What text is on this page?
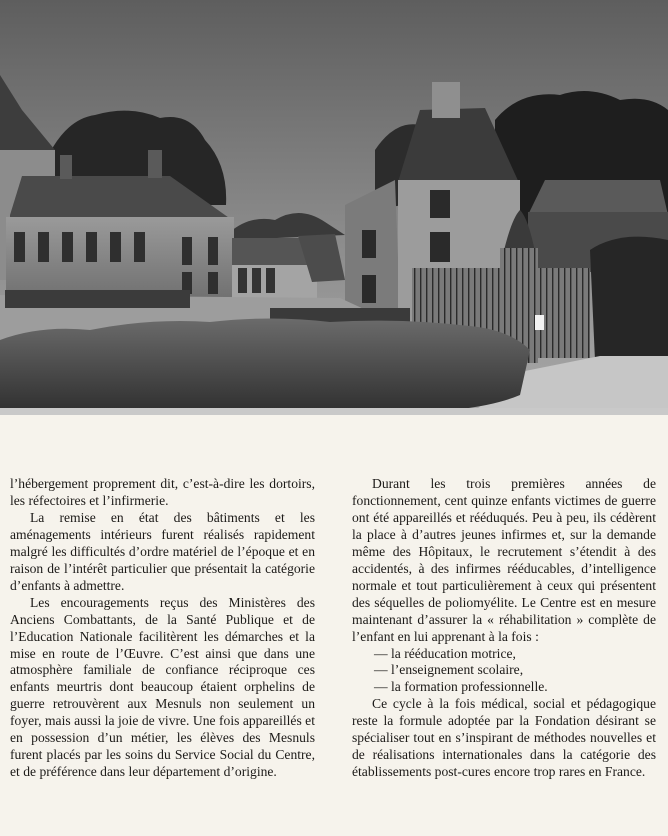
l’hébergement proprement dit, c’est-à-dire les dortoirs, les réfectoires et l’infirmerie.

La remise en état des bâtiments et les aménagements intérieurs furent réalisés rapidement malgré les difficultés d’ordre matériel de l’époque et en raison de l’intérêt particulier que présentait la catégorie d’enfants à admettre.

Les encouragements reçus des Ministères des Anciens Combattants, de la Santé Publique et de l’Education Nationale facilitèrent les démarches et la mise en route de l’Œuvre. C’est ainsi que dans une atmosphère familiale de confiance réciproque ces enfants meurtris dont beaucoup étaient orphelins de guerre retrouvèrent aux Mesnuls non seulement un foyer, mais aussi la joie de vivre. Une fois appareillés et en possession d’un métier, les élèves des Mesnuls furent placés par les soins du Service Social du Centre, et de préférence dans leur département d’origine.

Durant les trois premières années de fonctionnement, cent quinze enfants victimes de guerre ont été appareillés et rééduqués. Peu à peu, ils cédèrent la place à d’autres jeunes infirmes et, sur la demande même des Hôpitaux, le recrutement s’étendit à des accidentés, à des infirmes rééducables, d’intelligence normale et tout particulièrement à ceux qui présentent des séquelles de poliomyélite. Le Centre est en mesure maintenant d’assurer la « réhabilitation » complète de l’enfant en lui apprenant à la fois :

— la rééducation motrice,
— l’enseignement scolaire,
— la formation professionnelle.

Ce cycle à la fois médical, social et pédagogique reste la formule adoptée par la Fondation désirant se spécialiser tout en s’inspirant de méthodes nouvelles et de réalisations internationales dans la catégorie des établissements post-cures encore trop rares en France.
